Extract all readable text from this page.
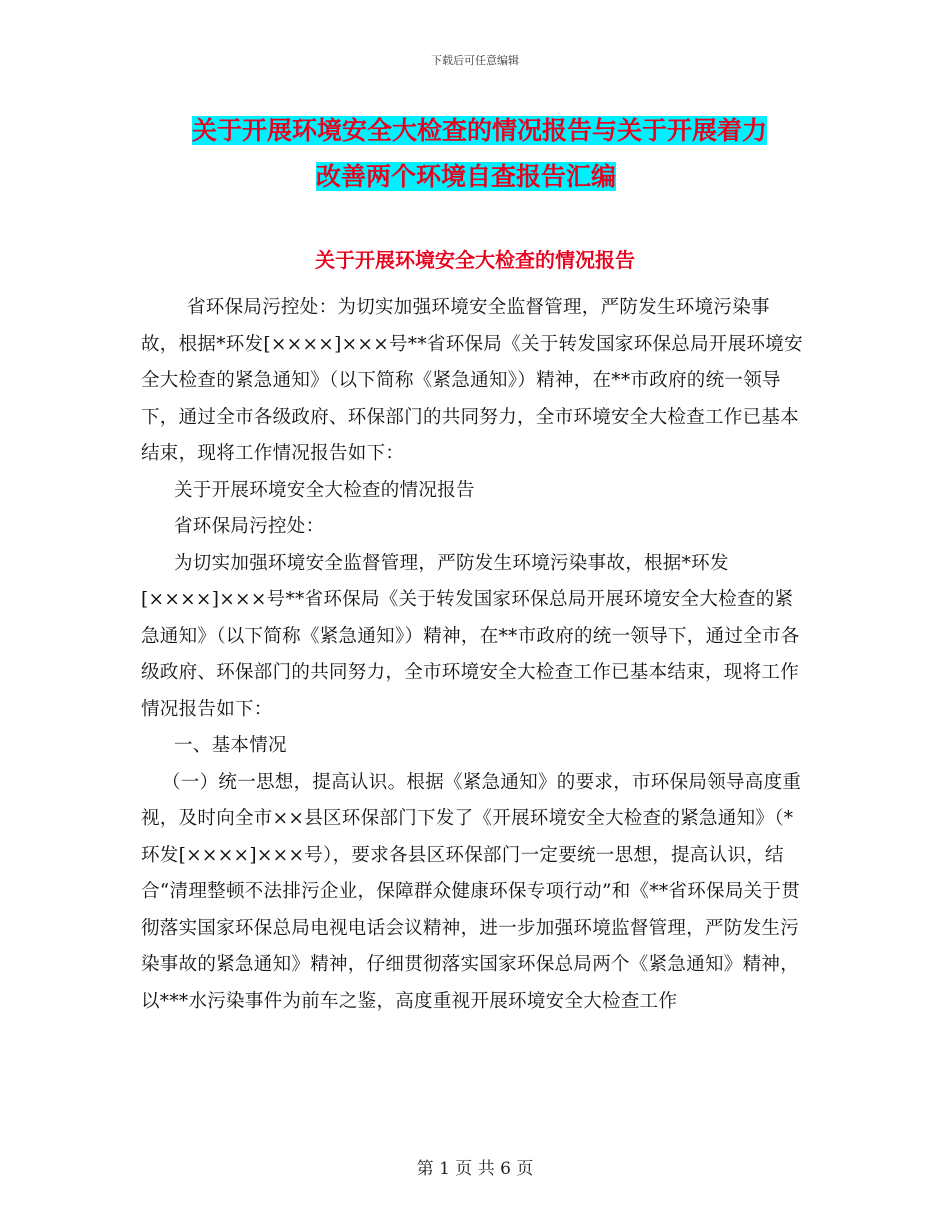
下载后可任意编辑
关于开展环境安全大检查的情况报告与关于开展着力
改善两个环境自查报告汇编
关于开展环境安全大检查的情况报告

省环保局污控处：为切实加强环境安全监督管理，严防发生环境污染事故，根据*环发[××××]×××号**省环保局《关于转发国家环保总局开展环境安全大检查的紧急通知》（以下简称《紧急通知》）精神，在**市政府的统一领导下，通过全市各级政府、环保部门的共同努力，全市环境安全大检查工作已基本结束，现将工作情况报告如下：

关于开展环境安全大检查的情况报告

省环保局污控处：

为切实加强环境安全监督管理，严防发生环境污染事故，根据*环发[××××]×××号**省环保局《关于转发国家环保总局开展环境安全大检查的紧急通知》（以下简称《紧急通知》）精神，在**市政府的统一领导下，通过全市各级政府、环保部门的共同努力，全市环境安全大检查工作已基本结束，现将工作情况报告如下：

一、基本情况

（一）统一思想，提高认识。根据《紧急通知》的要求，市环保局领导高度重视，及时向全市××县区环保部门下发了《开展环境安全大检查的紧急通知》（*环发[××××]×××号），要求各县区环保部门一定要统一思想，提高认识，结合“清理整顿不法排污企业，保障群众健康环保专项行动”和《**省环保局关于贯彻落实国家环保总局电视电话会议精神，进一步加强环境监督管理，严防发生污染事故的紧急通知》精神，仔细贯彻落实国家环保总局两个《紧急通知》精神，以***水污染事件为前车之鉴，高度重视开展环境安全大检查工作

第 1 页 共 6 页
